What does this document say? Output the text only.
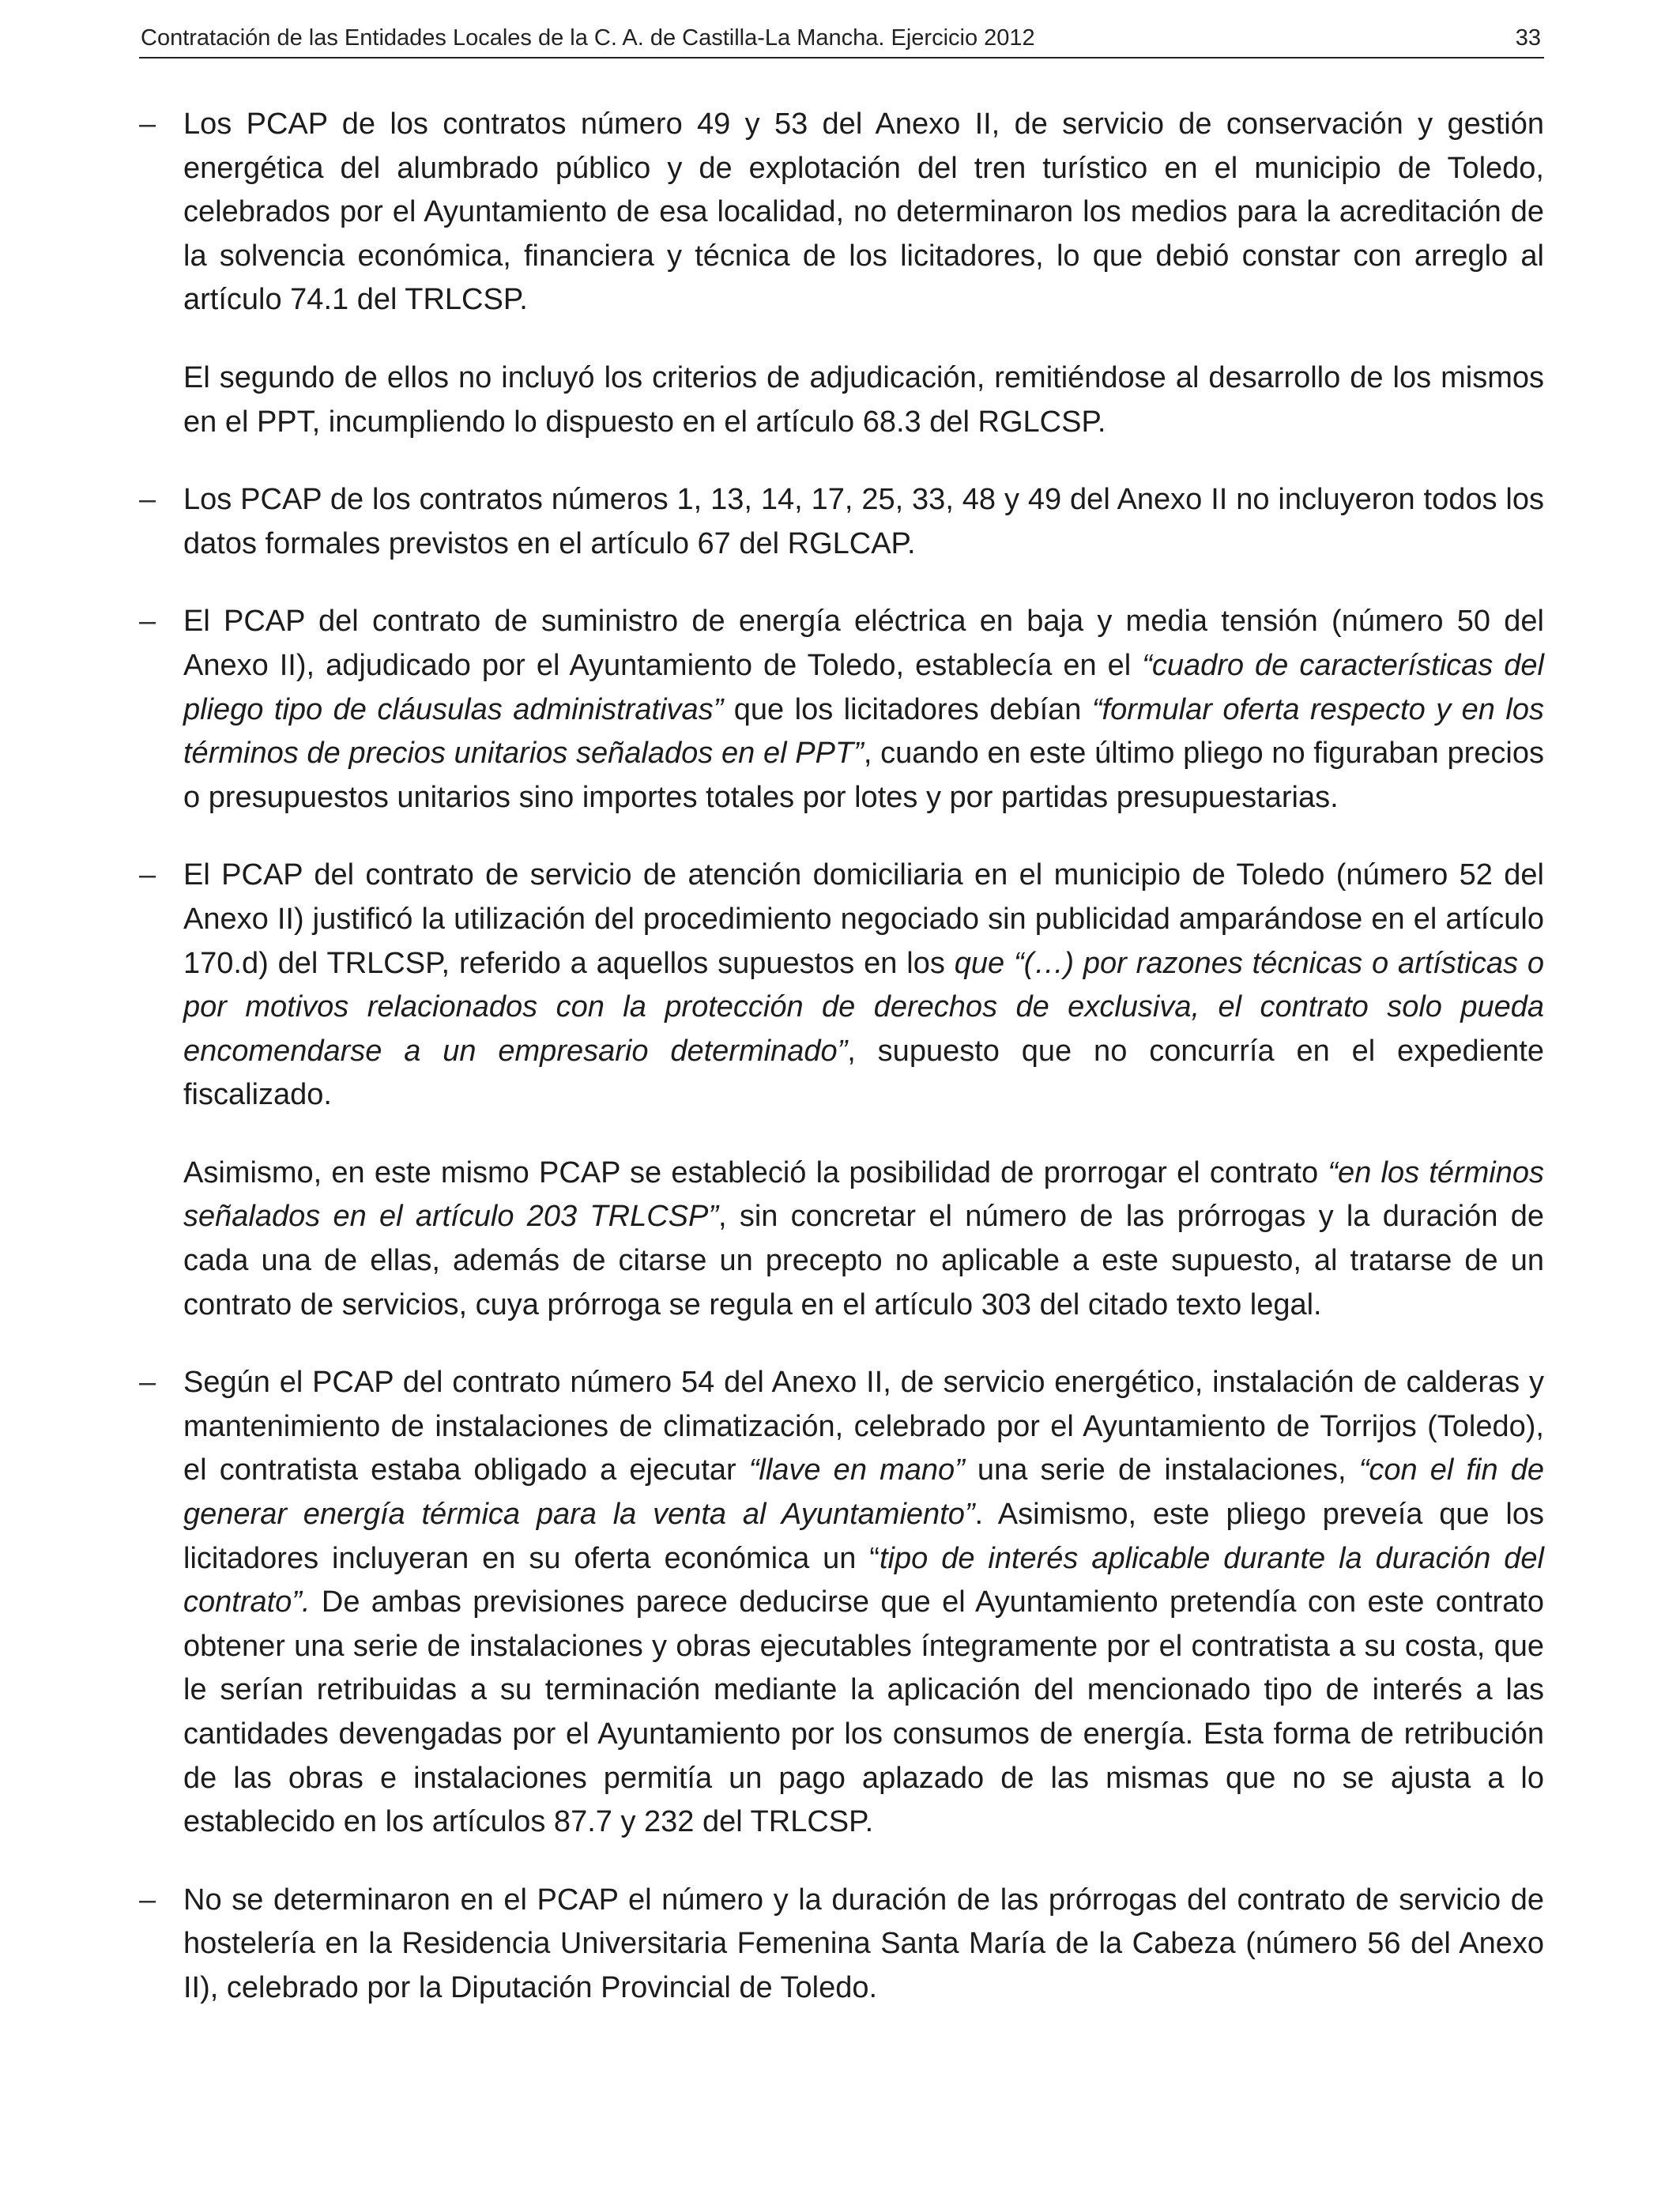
Contratación de las Entidades Locales de la C. A. de Castilla-La Mancha. Ejercicio 2012	33
– Los PCAP de los contratos número 49 y 53 del Anexo II, de servicio de conservación y gestión energética del alumbrado público y de explotación del tren turístico en el municipio de Toledo, celebrados por el Ayuntamiento de esa localidad, no determinaron los medios para la acreditación de la solvencia económica, financiera y técnica de los licitadores, lo que debió constar con arreglo al artículo 74.1 del TRLCSP.

El segundo de ellos no incluyó los criterios de adjudicación, remitiéndose al desarrollo de los mismos en el PPT, incumpliendo lo dispuesto en el artículo 68.3 del RGLCSP.

– Los PCAP de los contratos números 1, 13, 14, 17, 25, 33, 48 y 49 del Anexo II no incluyeron todos los datos formales previstos en el artículo 67 del RGLCAP.

– El PCAP del contrato de suministro de energía eléctrica en baja y media tensión (número 50 del Anexo II), adjudicado por el Ayuntamiento de Toledo, establecía en el “cuadro de características del pliego tipo de cláusulas administrativas” que los licitadores debían “formular oferta respecto y en los términos de precios unitarios señalados en el PPT”, cuando en este último pliego no figuraban precios o presupuestos unitarios sino importes totales por lotes y por partidas presupuestarias.

– El PCAP del contrato de servicio de atención domiciliaria en el municipio de Toledo (número 52 del Anexo II) justificó la utilización del procedimiento negociado sin publicidad amparándose en el artículo 170.d) del TRLCSP, referido a aquellos supuestos en los que “(…) por razones técnicas o artísticas o por motivos relacionados con la protección de derechos de exclusiva, el contrato solo pueda encomendarse a un empresario determinado”, supuesto que no concurría en el expediente fiscalizado.

Asimismo, en este mismo PCAP se estableció la posibilidad de prorrogar el contrato “en los términos señalados en el artículo 203 TRLCSP”, sin concretar el número de las prórrogas y la duración de cada una de ellas, además de citarse un precepto no aplicable a este supuesto, al tratarse de un contrato de servicios, cuya prórroga se regula en el artículo 303 del citado texto legal.

– Según el PCAP del contrato número 54 del Anexo II, de servicio energético, instalación de calderas y mantenimiento de instalaciones de climatización, celebrado por el Ayuntamiento de Torrijos (Toledo), el contratista estaba obligado a ejecutar “llave en mano” una serie de instalaciones, “con el fin de generar energía térmica para la venta al Ayuntamiento”. Asimismo, este pliego preveía que los licitadores incluyeran en su oferta económica un “tipo de interés aplicable durante la duración del contrato”. De ambas previsiones parece deducirse que el Ayuntamiento pretendía con este contrato obtener una serie de instalaciones y obras ejecutables íntegramente por el contratista a su costa, que le serían retribuidas a su terminación mediante la aplicación del mencionado tipo de interés a las cantidades devengadas por el Ayuntamiento por los consumos de energía. Esta forma de retribución de las obras e instalaciones permitía un pago aplazado de las mismas que no se ajusta a lo establecido en los artículos 87.7 y 232 del TRLCSP.

– No se determinaron en el PCAP el número y la duración de las prórrogas del contrato de servicio de hostelería en la Residencia Universitaria Femenina Santa María de la Cabeza (número 56 del Anexo II), celebrado por la Diputación Provincial de Toledo.
